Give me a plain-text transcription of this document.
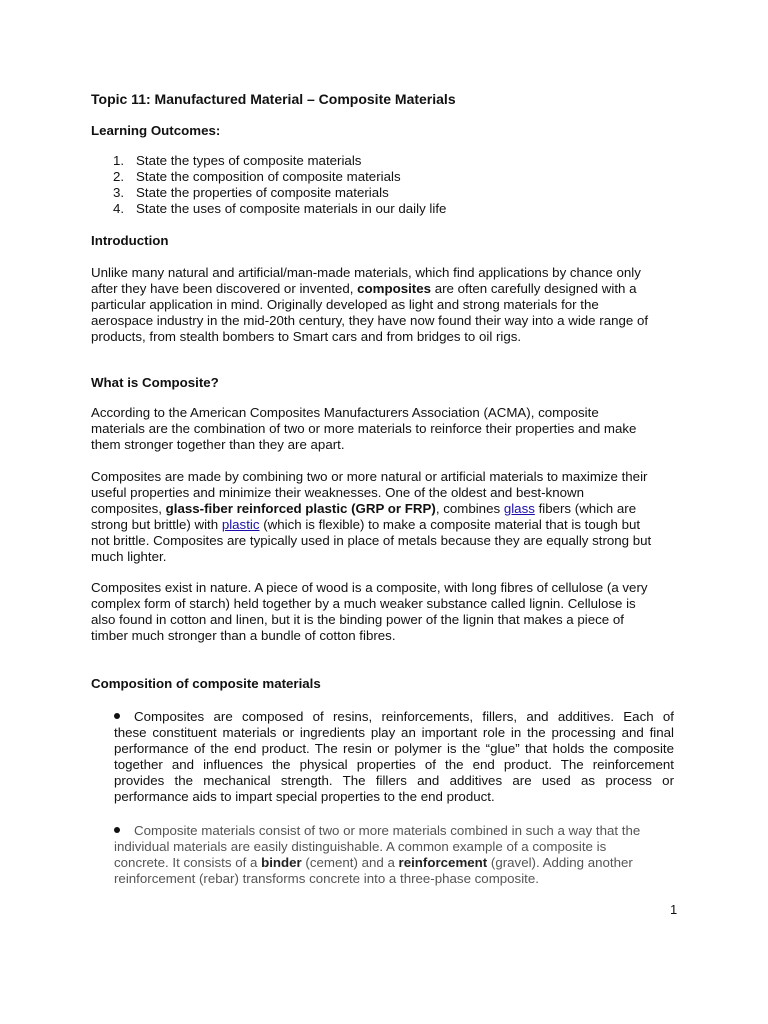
Topic 11: Manufactured Material – Composite Materials
Learning Outcomes:
1. State the types of composite materials
2. State the composition of composite materials
3. State the properties of composite materials
4. State the uses of composite materials in our daily life
Introduction
Unlike many natural and artificial/man-made materials, which find applications by chance only
after they have been discovered or invented, composites are often carefully designed with a
particular application in mind. Originally developed as light and strong materials for the
aerospace industry in the mid-20th century, they have now found their way into a wide range of
products, from stealth bombers to Smart cars and from bridges to oil rigs.
What is Composite?
According to the American Composites Manufacturers Association (ACMA), composite
materials are the combination of two or more materials to reinforce their properties and make
them stronger together than they are apart.
Composites are made by combining two or more natural or artificial materials to maximize their
useful properties and minimize their weaknesses. One of the oldest and best-known
composites, glass-fiber reinforced plastic (GRP or FRP), combines glass fibers (which are
strong but brittle) with plastic (which is flexible) to make a composite material that is tough but
not brittle. Composites are typically used in place of metals because they are equally strong but
much lighter.
Composites exist in nature. A piece of wood is a composite, with long fibres of cellulose (a very
complex form of starch) held together by a much weaker substance called lignin. Cellulose is
also found in cotton and linen, but it is the binding power of the lignin that makes a piece of
timber much stronger than a bundle of cotton fibres.
Composition of composite materials
Composites are composed of resins, reinforcements, fillers, and additives. Each of
these constituent materials or ingredients play an important role in the processing and final
performance of the end product. The resin or polymer is the “glue” that holds the composite
together and influences the physical properties of the end product. The reinforcement
provides the mechanical strength. The fillers and additives are used as process or
performance aids to impart special properties to the end product.
Composite materials consist of two or more materials combined in such a way that the
individual materials are easily distinguishable. A common example of a composite is
concrete. It consists of a binder (cement) and a reinforcement (gravel). Adding another
reinforcement (rebar) transforms concrete into a three-phase composite.
1
